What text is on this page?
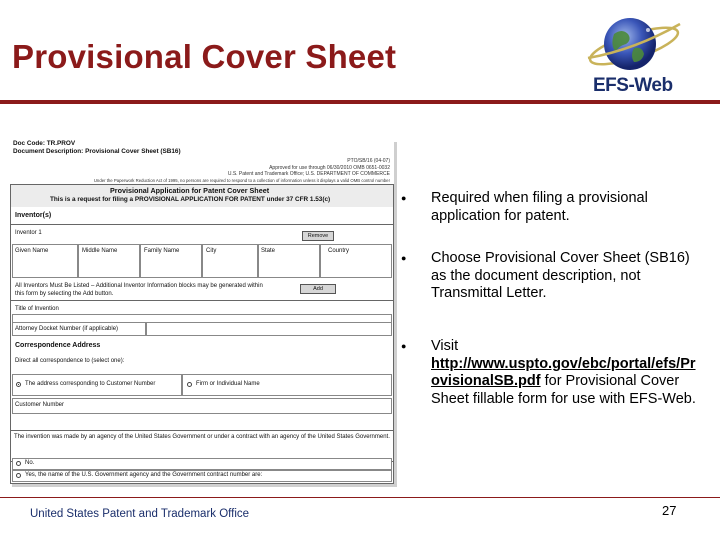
Provisional Cover Sheet
EFS-Web
Doc Code: TR.PROV
Document Description: Provisional Cover Sheet (SB16)
PTO/SB/16 (04-07)
Approved for use through 06/30/2010 OMB 0651-0032
U.S. Patent and Trademark Office; U.S. DEPARTMENT OF COMMERCE
Under the Paperwork Reduction Act of 1995, no persons are required to respond to a collection of information unless it displays a valid OMB control number
Provisional Application for Patent Cover Sheet
This is a request for filing a PROVISIONAL APPLICATION FOR PATENT under 37 CFR 1.53(c)
Inventor(s)
Inventor 1	Remove
Given Name	Middle Name	Family Name	City	State	Country
All Inventors Must Be Listed – Additional Inventor Information blocks may be generated within this form by selecting the Add button.
Add
Title of Invention
Attorney Docket Number (if applicable)
Correspondence Address
Direct all correspondence to (select one):
The address corresponding to Customer Number	Firm or Individual Name
Customer Number
The invention was made by an agency of the United States Government or under a contract with an agency of the United States Government.
No.
Yes, the name of the U.S. Government agency and the Government contract number are:
● Required when filing a provisional application for patent.
● Choose Provisional Cover Sheet (SB16) as the document description, not Transmittal Letter.
● Visit
http://www.uspto.gov/ebc/portal/efs/ProvisionalSB.pdf for Provisional Cover Sheet fillable form for use with EFS-Web.
United States Patent and Trademark Office	27
